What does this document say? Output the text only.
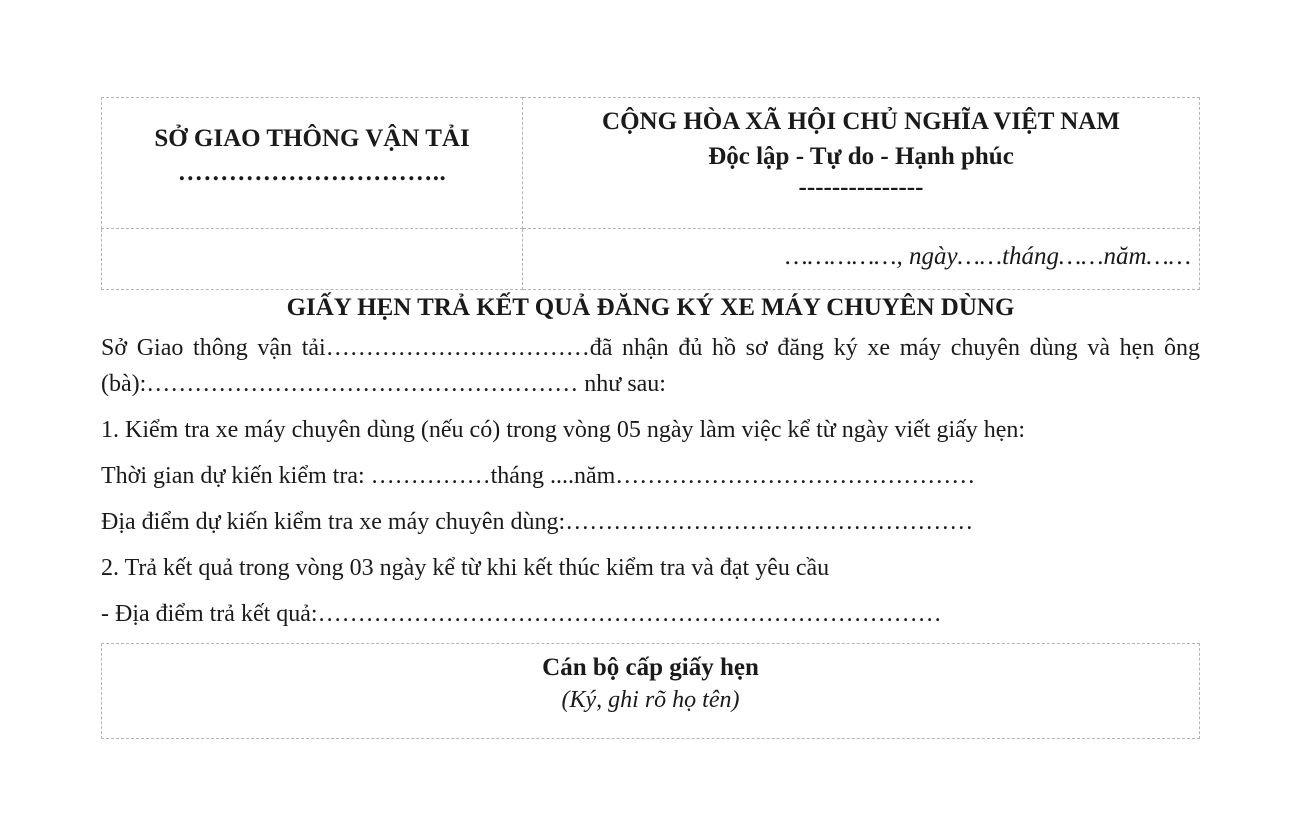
SỞ GIAO THÔNG VẬN TẢI
…………………………..	CỘNG HÒA XÃ HỘI CHỦ NGHĨA VIỆT NAM
Độc lập - Tự do - Hạnh phúc
---------------

	……………, ngày……tháng……năm……
GIẤY HẸN TRẢ KẾT QUẢ ĐĂNG KÝ XE MÁY CHUYÊN DÙNG

Sở Giao thông vận tải……………………………đã nhận đủ hồ sơ đăng ký xe máy chuyên dùng và hẹn ông (bà):……………………………………………… như sau:

1. Kiểm tra xe máy chuyên dùng (nếu có) trong vòng 05 ngày làm việc kể từ ngày viết giấy hẹn:

Thời gian dự kiến kiểm tra: ……………tháng ....năm………………………………………

Địa điểm dự kiến kiểm tra xe máy chuyên dùng:……………………………………………

2. Trả kết quả trong vòng 03 ngày kể từ khi kết thúc kiểm tra và đạt yêu cầu

- Địa điểm trả kết quả:……………………………………………………………………

Cán bộ cấp giấy hẹn
(Ký, ghi rõ họ tên)
